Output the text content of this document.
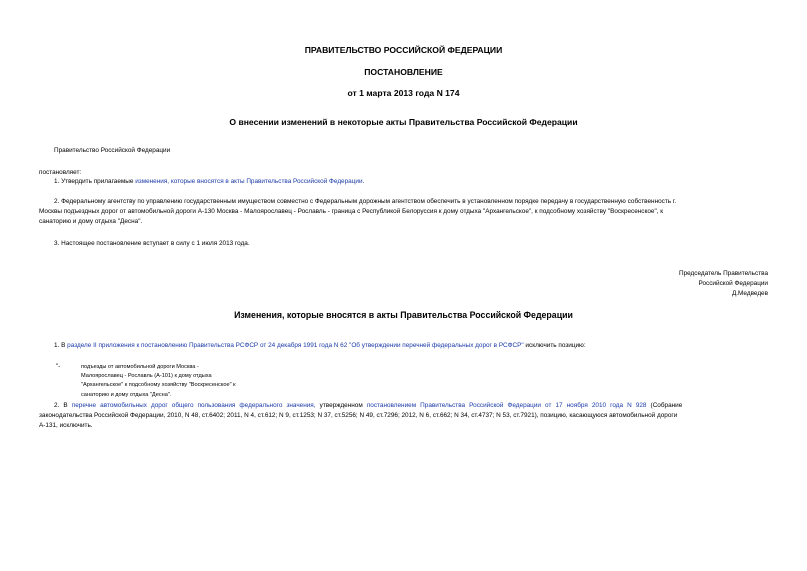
ПРАВИТЕЛЬСТВО РОССИЙСКОЙ ФЕДЕРАЦИИ
ПОСТАНОВЛЕНИЕ
от 1 марта 2013 года N 174
О внесении изменений в некоторые акты Правительства Российской Федерации
Правительство Российской Федерации
постановляет:
1. Утвердить прилагаемые изменения, которые вносятся в акты Правительства Российской Федерации.
2. Федеральному агентству по управлению государственным имуществом совместно с Федеральным дорожным агентством обеспечить в установленном порядке передачу в государственную собственность г.
Москвы подъездных дорог от автомобильной дороги А-130 Москва - Малоярославец - Рославль - граница с Республикой Белоруссия к дому отдыха "Архангельское", к подсобному хозяйству "Воскресенское", к
санаторию и дому отдыха "Десна".
3. Настоящее постановление вступает в силу с 1 июля 2013 года.
Председатель Правительства
Российской Федерации
Д.Медведев
Изменения, которые вносятся в акты Правительства Российской Федерации
1. В разделе II приложения к постановлению Правительства РСФСР от 24 декабря 1991 года N 62 "Об утверждении перечней федеральных дорог в РСФСР" исключить позицию:
"-	подъезды от автомобильной дороги Москва -
Малоярославец - Рославль (А-101) к дому отдыха
"Архангельское" к подсобному хозяйству "Воскресенское" к
санаторию и дому отдыха "Десна".
2. В перечне автомобильных дорог общего пользования федерального значения, утвержденном постановлением Правительства Российской Федерации от 17 ноября 2010 года N 928 (Собрание
законодательства Российской Федерации, 2010, N 48, ст.6402; 2011, N 4, ст.612; N 9, ст.1253; N 37, ст.5256; N 49, ст.7296; 2012, N 6, ст.662; N 34, ст.4737; N 53, ст.7921), позицию, касающуюся автомобильной дороги
А-131, исключить.
